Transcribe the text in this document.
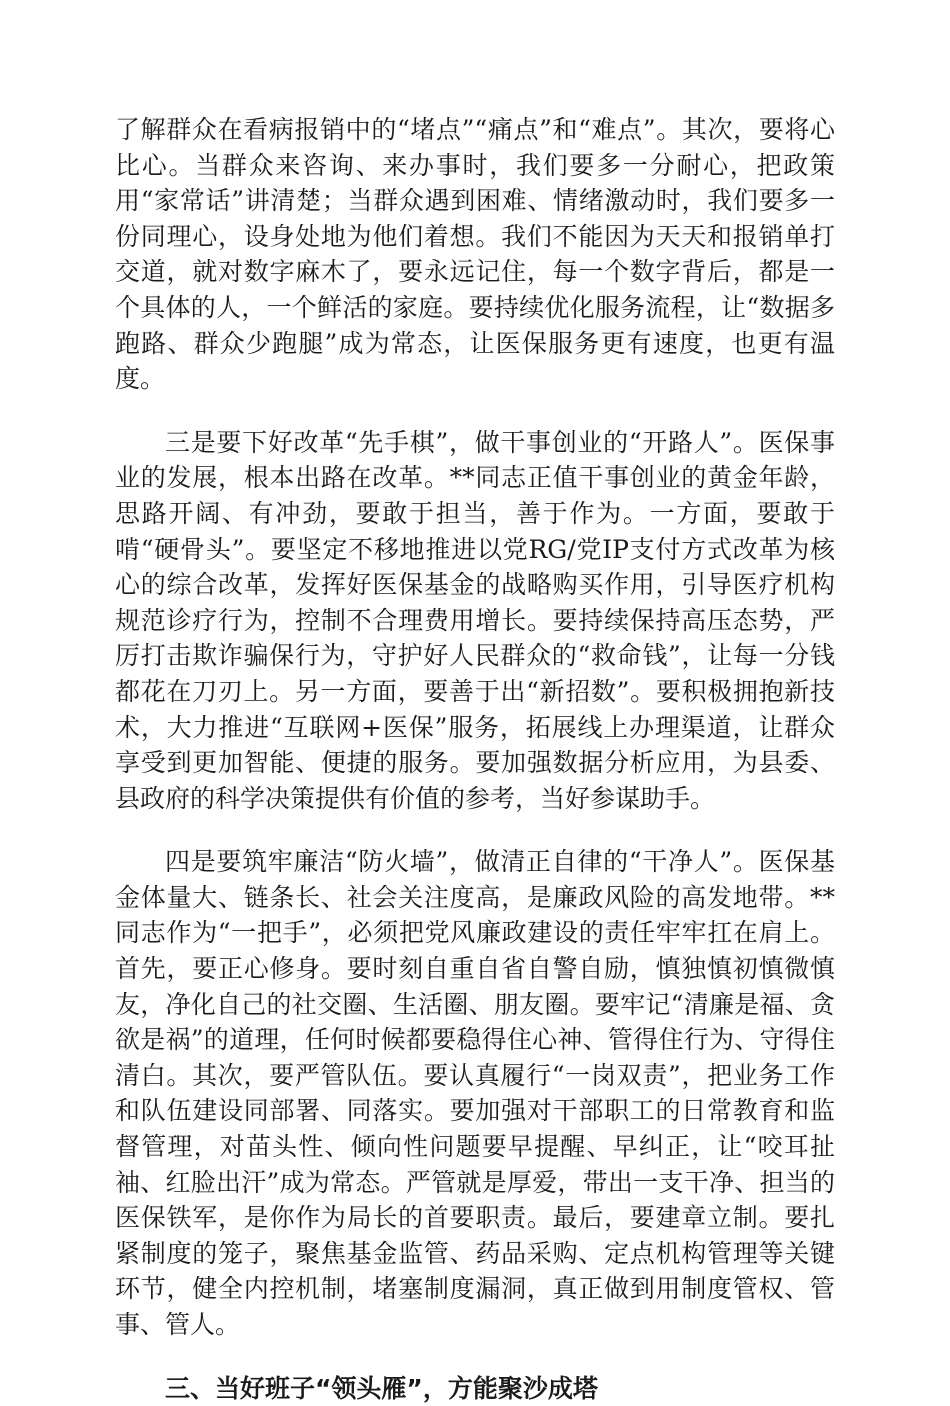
了解群众在看病报销中的“堵点”“痛点”和“难点”。其次，要将心比心。当群众来咨询、来办事时，我们要多一分耐心，把政策用“家常话”讲清楚；当群众遇到困难、情绪激动时，我们要多一份同理心，设身处地为他们着想。我们不能因为天天和报销单打交道，就对数字麻木了，要永远记住，每一个数字背后，都是一个具体的人，一个鲜活的家庭。要持续优化服务流程，让“数据多跑路、群众少跑腿”成为常态，让医保服务更有速度，也更有温度。

三是要下好改革“先手棋”，做干事创业的“开路人”。医保事业的发展，根本出路在改革。**同志正值干事创业的黄金年龄，思路开阔、有冲劲，要敢于担当，善于作为。一方面，要敢于啃“硬骨头”。要坚定不移地推进以党RG/党IP支付方式改革为核心的综合改革，发挥好医保基金的战略购买作用，引导医疗机构规范诊疗行为，控制不合理费用增长。要持续保持高压态势，严厉打击欺诈骗保行为，守护好人民群众的“救命钱”，让每一分钱都花在刀刃上。另一方面，要善于出“新招数”。要积极拥抱新技术，大力推进“互联网+医保”服务，拓展线上办理渠道，让群众享受到更加智能、便捷的服务。要加强数据分析应用，为县委、县政府的科学决策提供有价值的参考，当好参谋助手。

四是要筑牢廉洁“防火墙”，做清正自律的“干净人”。医保基金体量大、链条长、社会关注度高，是廉政风险的高发地带。**同志作为“一把手”，必须把党风廉政建设的责任牢牢扛在肩上。首先，要正心修身。要时刻自重自省自警自励，慎独慎初慎微慎友，净化自己的社交圈、生活圈、朋友圈。要牢记“清廉是福、贪欲是祸”的道理，任何时候都要稳得住心神、管得住行为、守得住清白。其次，要严管队伍。要认真履行“一岗双责”，把业务工作和队伍建设同部署、同落实。要加强对干部职工的日常教育和监督管理，对苗头性、倾向性问题要早提醒、早纠正，让“咬耳扯袖、红脸出汗”成为常态。严管就是厚爱，带出一支干净、担当的医保铁军，是你作为局长的首要职责。最后，要建章立制。要扎紧制度的笼子，聚焦基金监管、药品采购、定点机构管理等关键环节，健全内控机制，堵塞制度漏洞，真正做到用制度管权、管事、管人。

三、当好班子“领头雁”，方能聚沙成塔
